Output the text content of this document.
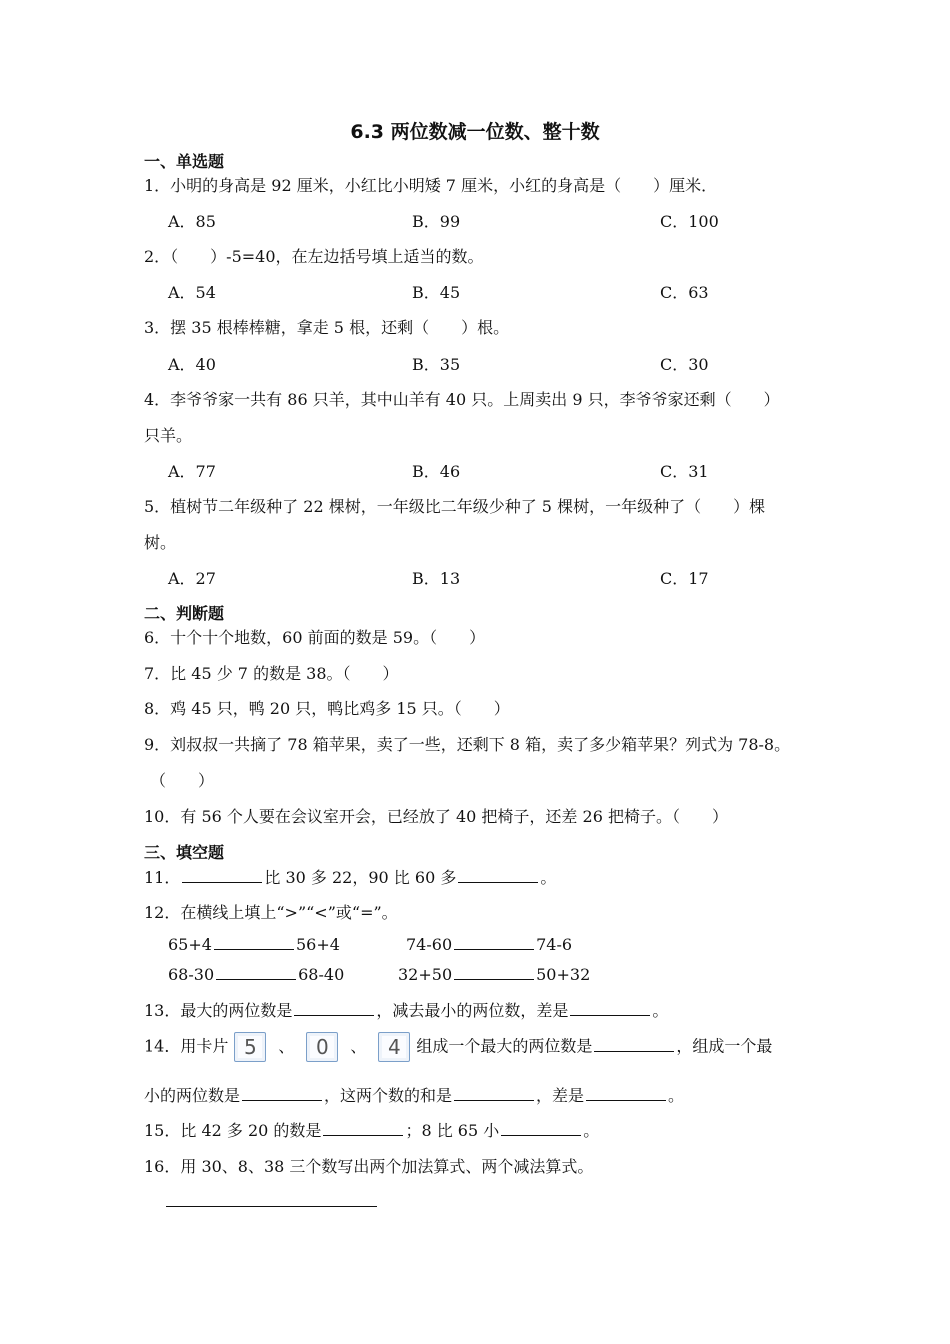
6.3 两位数减一位数、整十数
一、单选题
1．小明的身高是 92 厘米，小红比小明矮 7 厘米，小红的身高是（　　）厘米．
A．85	B．99	C．100
2．（　　）-5=40，在左边括号填上适当的数。
A．54	B．45	C．63
3．摆 35 根棒棒糖，拿走 5 根，还剩（　　）根。
A．40	B．35	C．30
4．李爷爷家一共有 86 只羊，其中山羊有 40 只。上周卖出 9 只，李爷爷家还剩（　　）
只羊。
A．77	B．46	C．31
5．植树节二年级种了 22 棵树，一年级比二年级少种了 5 棵树，一年级种了（　　）棵
树。
A．27	B．13	C．17
二、判断题
6．十个十个地数，60 前面的数是 59。（　　）
7．比 45 少 7 的数是 38。（　　）
8．鸡 45 只，鸭 20 只，鸭比鸡多 15 只。（　　）
9．刘叔叔一共摘了 78 箱苹果，卖了一些，还剩下 8 箱，卖了多少箱苹果？列式为 78-8。
（　　）
10．有 56 个人要在会议室开会，已经放了 40 把椅子，还差 26 把椅子。（　　）
三、填空题
11．	比 30 多 22，90 比 60 多	。
12．在横线上填上“>”“<”或“=”。
65+4	56+4	74-60	74-6
68-30	68-40	32+50	50+32
13．最大的两位数是	，减去最小的两位数，差是	。
14．用卡片 5 、 0 、 4 组成一个最大的两位数是	，组成一个最
小的两位数是	，这两个数的和是	，差是	。
15．比 42 多 20 的数是	；8 比 65 小	。
16．用 30、8、38 三个数写出两个加法算式、两个减法算式。
